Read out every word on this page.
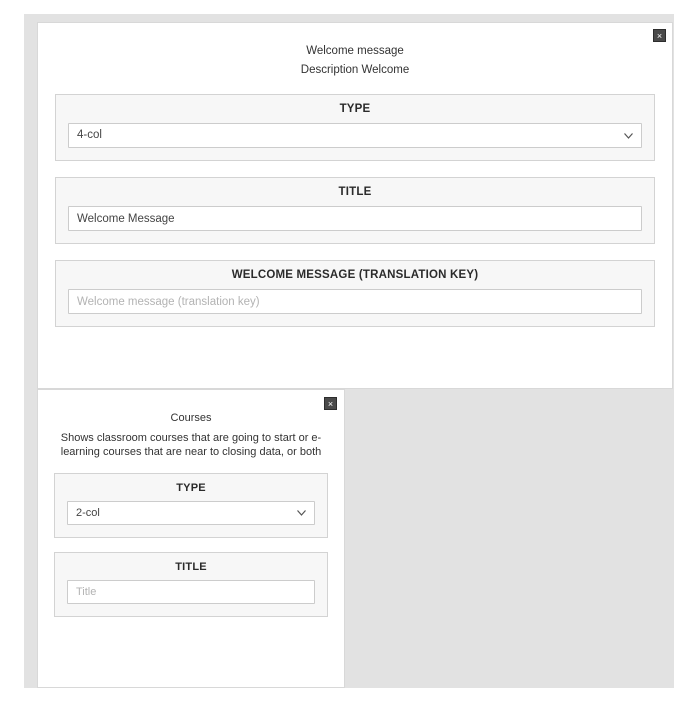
×
Welcome message
Description Welcome
TYPE
4-col
TITLE
Welcome Message
WELCOME MESSAGE (TRANSLATION KEY)
Welcome message (translation key)
×
Courses
Shows classroom courses that are going to start or e-learning courses that are near to closing data, or both
TYPE
2-col
TITLE
Title
